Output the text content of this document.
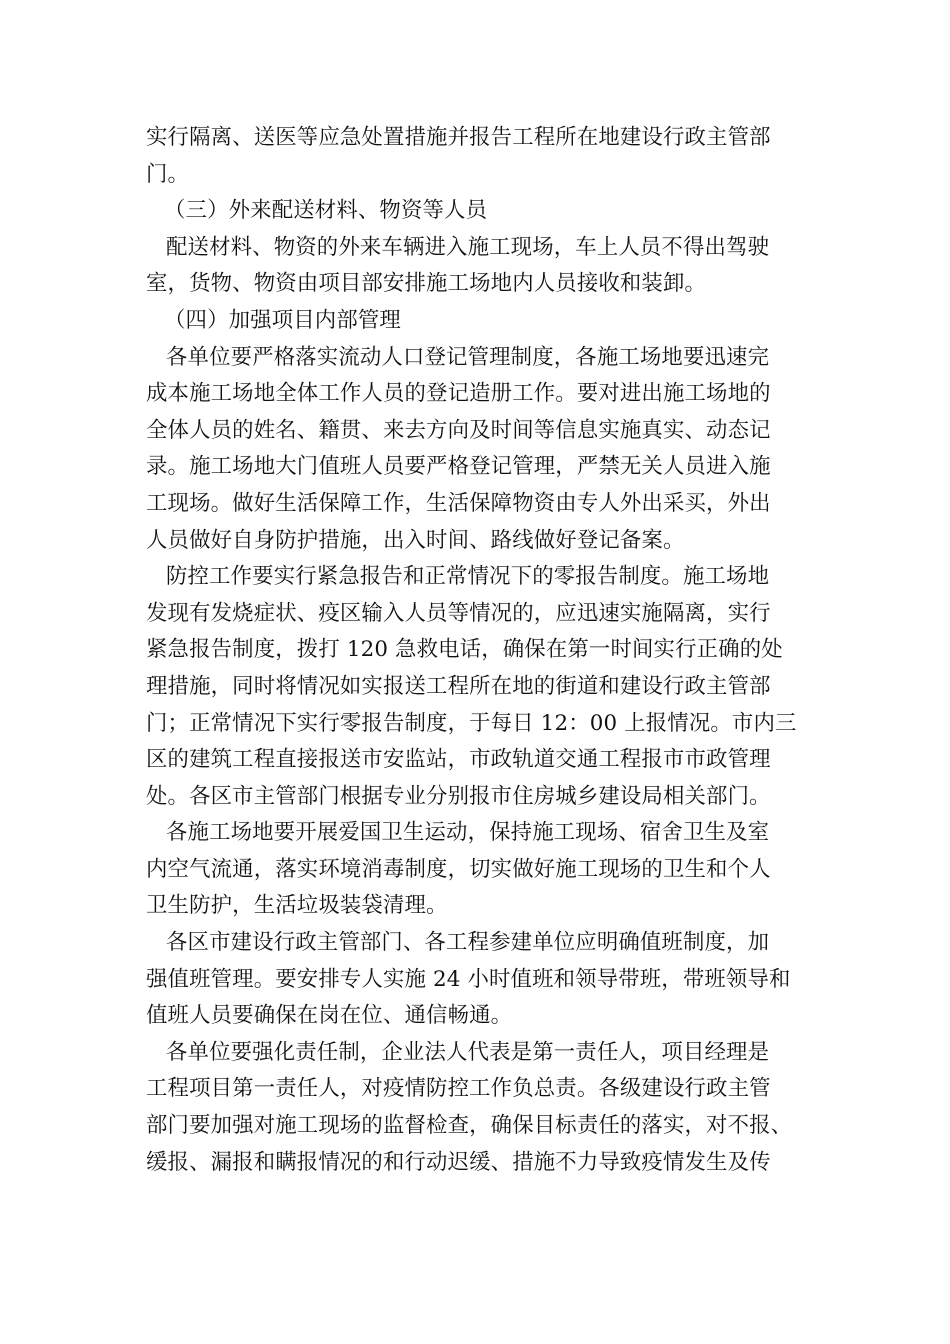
实行隔离、送医等应急处置措施并报告工程所在地建设行政主管部
门。
（三）外来配送材料、物资等人员
配送材料、物资的外来车辆进入施工现场，车上人员不得出驾驶
室，货物、物资由项目部安排施工场地内人员接收和装卸。
（四）加强项目内部管理
各单位要严格落实流动人口登记管理制度，各施工场地要迅速完
成本施工场地全体工作人员的登记造册工作。要对进出施工场地的
全体人员的姓名、籍贯、来去方向及时间等信息实施真实、动态记
录。施工场地大门值班人员要严格登记管理，严禁无关人员进入施
工现场。做好生活保障工作，生活保障物资由专人外出采买，外出
人员做好自身防护措施，出入时间、路线做好登记备案。
防控工作要实行紧急报告和正常情况下的零报告制度。施工场地
发现有发烧症状、疫区输入人员等情况的，应迅速实施隔离，实行
紧急报告制度，拨打 120 急救电话，确保在第一时间实行正确的处
理措施，同时将情况如实报送工程所在地的街道和建设行政主管部
门；正常情况下实行零报告制度，于每日 12：00 上报情况。市内三
区的建筑工程直接报送市安监站，市政轨道交通工程报市市政管理
处。各区市主管部门根据专业分别报市住房城乡建设局相关部门。
各施工场地要开展爱国卫生运动，保持施工现场、宿舍卫生及室
内空气流通，落实环境消毒制度，切实做好施工现场的卫生和个人
卫生防护，生活垃圾装袋清理。
各区市建设行政主管部门、各工程参建单位应明确值班制度，加
强值班管理。要安排专人实施 24 小时值班和领导带班，带班领导和
值班人员要确保在岗在位、通信畅通。
各单位要强化责任制，企业法人代表是第一责任人，项目经理是
工程项目第一责任人，对疫情防控工作负总责。各级建设行政主管
部门要加强对施工现场的监督检查，确保目标责任的落实，对不报、
缓报、漏报和瞒报情况的和行动迟缓、措施不力导致疫情发生及传
